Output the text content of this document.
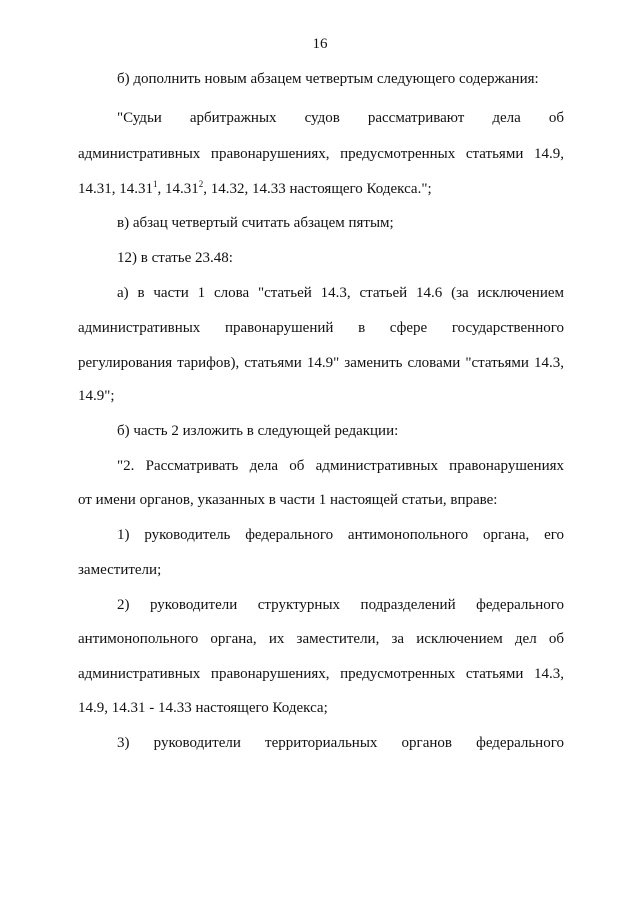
16
б) дополнить новым абзацем четвертым следующего содержания:
"Судьи арбитражных судов рассматривают дела об
административных правонарушениях, предусмотренных статьями 14.9,
14.31, 14.31$^1$, 14.31$^2$, 14.32, 14.33 настоящего Кодекса.";
в) абзац четвертый считать абзацем пятым;
12) в статье 23.48:
а) в части 1 слова "статьей 14.3, статьей 14.6 (за исключением
административных правонарушений в сфере государственного
регулирования тарифов), статьями 14.9" заменить словами "статьями 14.3,
14.9";
б) часть 2 изложить в следующей редакции:
"2. Рассматривать дела об административных правонарушениях
от имени органов, указанных в части 1 настоящей статьи, вправе:
1) руководитель федерального антимонопольного органа, его
заместители;
2) руководители структурных подразделений федерального
антимонопольного органа, их заместители, за исключением дел об
административных правонарушениях, предусмотренных статьями 14.3,
14.9, 14.31 - 14.33 настоящего Кодекса;
3) руководители территориальных органов федерального
